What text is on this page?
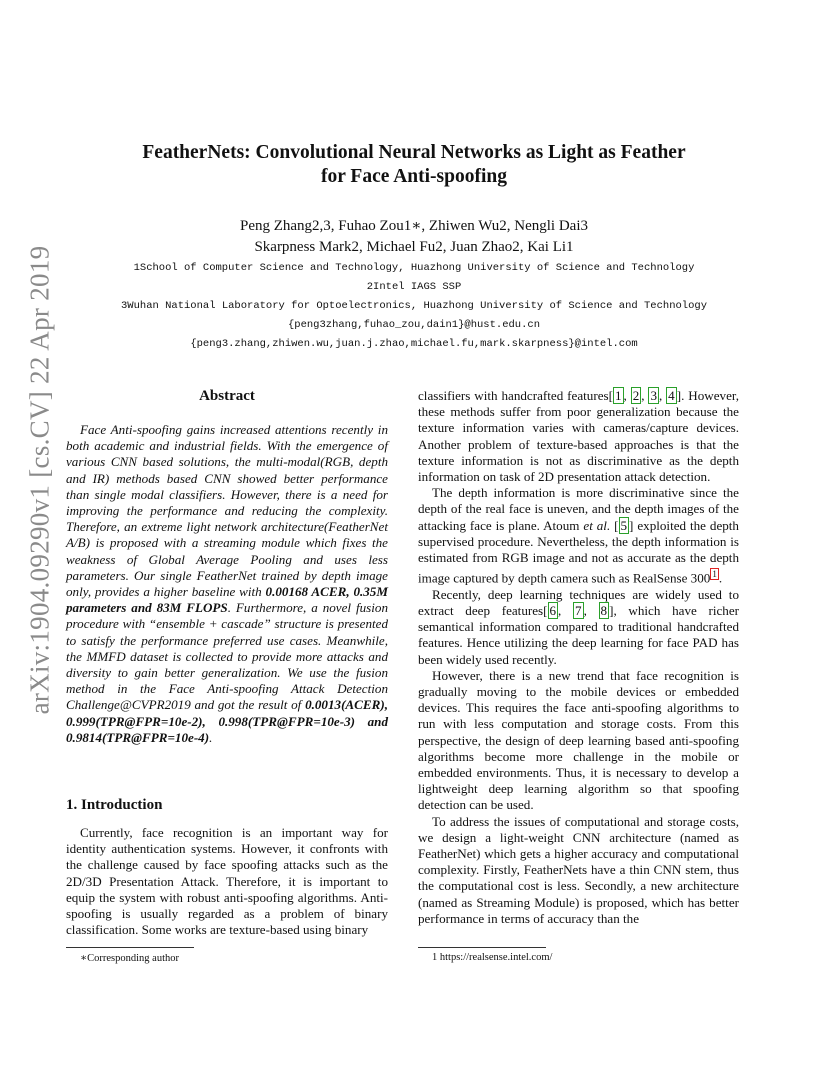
arXiv:1904.09290v1 [cs.CV] 22 Apr 2019
FeatherNets: Convolutional Neural Networks as Light as Feather
for Face Anti-spoofing
Peng Zhang2,3, Fuhao Zou1∗, Zhiwen Wu2, Nengli Dai3
Skarpness Mark2, Michael Fu2, Juan Zhao2, Kai Li1
1School of Computer Science and Technology, Huazhong University of Science and Technology
2Intel IAGS SSP
3Wuhan National Laboratory for Optoelectronics, Huazhong University of Science and Technology
{peng3zhang,fuhao_zou,dain1}@hust.edu.cn
{peng3.zhang,zhiwen.wu,juan.j.zhao,michael.fu,mark.skarpness}@intel.com
Abstract
Face Anti-spoofing gains increased attentions recently in both academic and industrial fields. With the emergence of various CNN based solutions, the multi-modal(RGB, depth and IR) methods based CNN showed better performance than single modal classifiers. However, there is a need for improving the performance and reducing the complexity. Therefore, an extreme light network architecture(FeatherNet A/B) is proposed with a streaming module which fixes the weakness of Global Average Pooling and uses less parameters. Our single FeatherNet trained by depth image only, provides a higher baseline with 0.00168 ACER, 0.35M parameters and 83M FLOPS. Furthermore, a novel fusion procedure with “ensemble + cascade” structure is presented to satisfy the performance preferred use cases. Meanwhile, the MMFD dataset is collected to provide more attacks and diversity to gain better generalization. We use the fusion method in the Face Anti-spoofing Attack Detection Challenge@CVPR2019 and got the result of 0.0013(ACER), 0.999(TPR@FPR=10e-2), 0.998(TPR@FPR=10e-3) and 0.9814(TPR@FPR=10e-4).
1. Introduction
Currently, face recognition is an important way for identity authentication systems. However, it confronts with the challenge caused by face spoofing attacks such as the 2D/3D Presentation Attack. Therefore, it is important to equip the system with robust anti-spoofing algorithms. Anti-spoofing is usually regarded as a problem of binary classification. Some works are texture-based using binary

classifiers with handcrafted features[ 1 , 2 , 3 , 4 ]. However, these methods suffer from poor generalization because the texture information varies with cameras/capture devices. Another problem of texture-based approaches is that the texture information is not as discriminative as the depth information on task of 2D presentation attack detection.

The depth information is more discriminative since the depth of the real face is uneven, and the depth images of the attacking face is plane. Atoum et al. [ 5 ] exploited the depth supervised procedure. Nevertheless, the depth information is estimated from RGB image and not as accurate as the depth image captured by depth camera such as RealSense 300 $^1$ .

Recently, deep learning techniques are widely used to extract deep features[ 6 , 7 , 8 ], which have richer semantical information compared to traditional handcrafted features. Hence utilizing the deep learning for face PAD has been widely used recently.

However, there is a new trend that face recognition is gradually moving to the mobile devices or embedded devices. This requires the face anti-spoofing algorithms to run with less computation and storage costs. From this perspective, the design of deep learning based anti-spoofing algorithms become more challenge in the mobile or embedded environments. Thus, it is necessary to develop a lightweight deep learning algorithm so that spoofing detection can be used.

To address the issues of computational and storage costs, we design a light-weight CNN architecture (named as FeatherNet) which gets a higher accuracy and computational complexity. Firstly, FeatherNets have a thin CNN stem, thus the computational cost is less. Secondly, a new architecture (named as Streaming Module) is proposed, which has better performance in terms of accuracy than the

∗Corresponding author	1 https://realsense.intel.com/
